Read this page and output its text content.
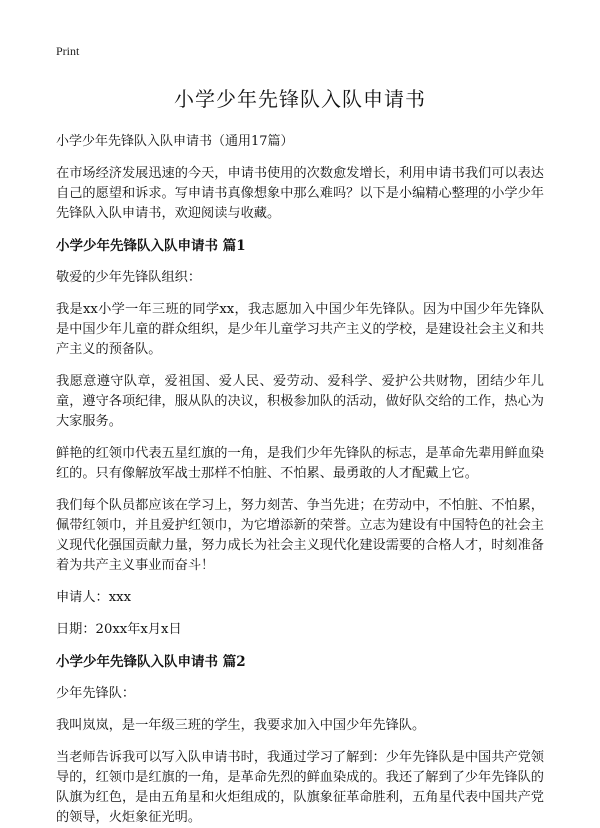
Print
小学少年先锋队入队申请书

小学少年先锋队入队申请书（通用17篇）

在市场经济发展迅速的今天，申请书使用的次数愈发增长，利用申请书我们可以表达自己的愿望和诉求。写申请书真像想象中那么难吗？以下是小编精心整理的小学少年先锋队入队申请书，欢迎阅读与收藏。

小学少年先锋队入队申请书 篇1

敬爱的少年先锋队组织：

我是xx小学一年三班的同学xx，我志愿加入中国少年先锋队。因为中国少年先锋队是中国少年儿童的群众组织，是少年儿童学习共产主义的学校，是建设社会主义和共产主义的预备队。

我愿意遵守队章，爱祖国、爱人民、爱劳动、爱科学、爱护公共财物，团结少年儿童，遵守各项纪律，服从队的决议，积极参加队的活动，做好队交给的工作，热心为大家服务。

鲜艳的红领巾代表五星红旗的一角，是我们少年先锋队的标志，是革命先辈用鲜血染红的。只有像解放军战士那样不怕脏、不怕累、最勇敢的人才配戴上它。

我们每个队员都应该在学习上，努力刻苦、争当先进；在劳动中，不怕脏、不怕累，佩带红领巾，并且爱护红领巾，为它增添新的荣誉。立志为建设有中国特色的社会主义现代化强国贡献力量，努力成长为社会主义现代化建设需要的合格人才，时刻准备着为共产主义事业而奋斗！

申请人：xxx

日期：20xx年x月x日

小学少年先锋队入队申请书 篇2

少年先锋队：

我叫岚岚，是一年级三班的学生，我要求加入中国少年先锋队。

当老师告诉我可以写入队申请书时，我通过学习了解到：少年先锋队是中国共产党领导的，红领巾是红旗的一角，是革命先烈的鲜血染成的。我还了解到了少年先锋队的队旗为红色，是由五角星和火炬组成的，队旗象征革命胜利，五角星代表中国共产党的领导，火炬象征光明。
